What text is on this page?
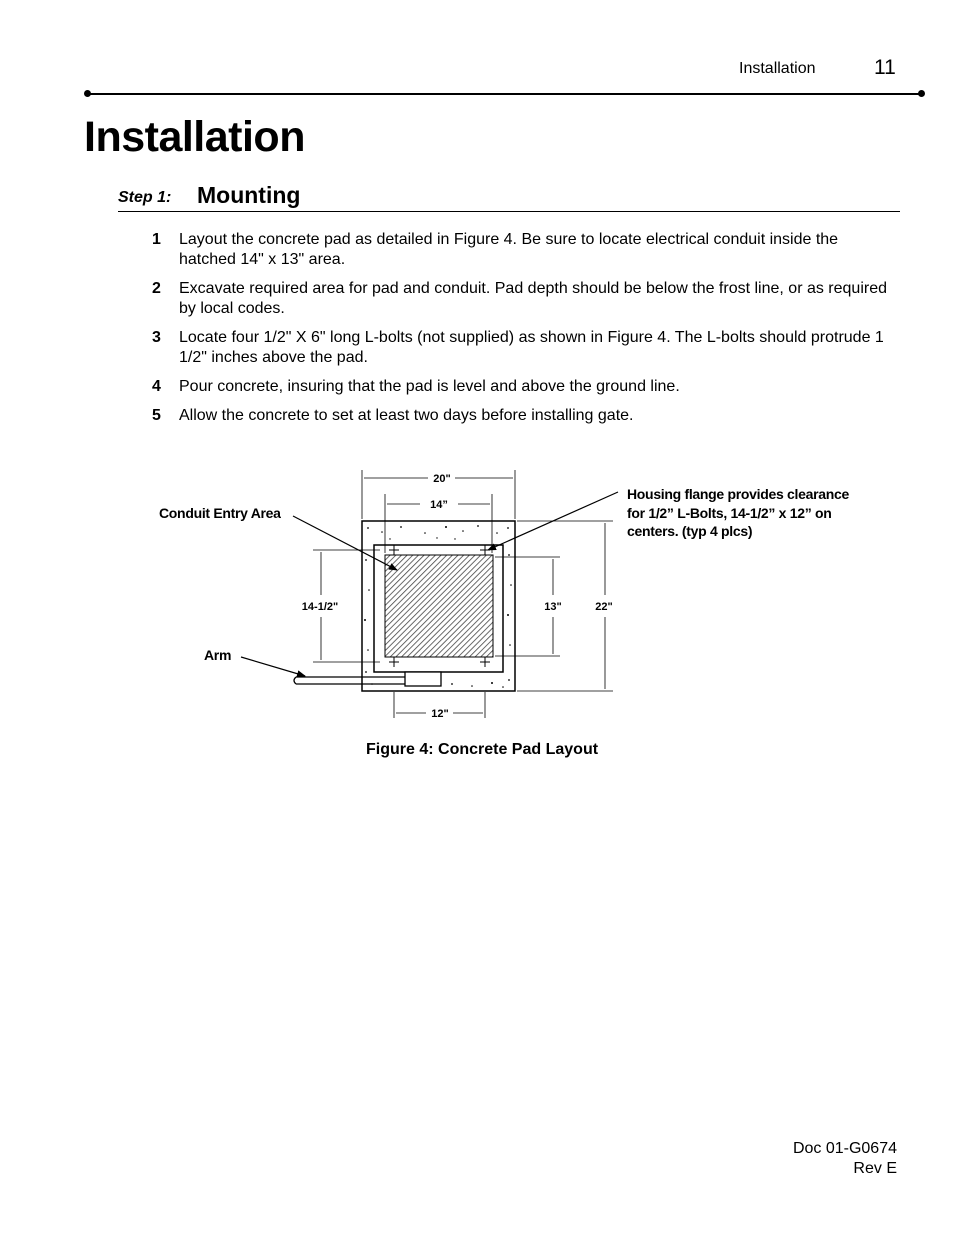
Installation	11
Installation
Step 1: Mounting
1 Layout the concrete pad as detailed in Figure 4. Be sure to locate electrical conduit inside the hatched 14" x 13" area.
2 Excavate required area for pad and conduit. Pad depth should be below the frost line, or as required by local codes.
3 Locate four 1/2" X 6" long L-bolts (not supplied) as shown in Figure 4. The L-bolts should protrude 1 1/2" inches above the pad.
4 Pour concrete, insuring that the pad is level and above the ground line.
5 Allow the concrete to set at least two days before installing gate.
20"
14”
14-1/2"	13"	22"
12"
Conduit Entry Area
Arm
Housing flange provides clearance
for 1/2” L-Bolts, 14-1/2” x 12” on
centers. (typ 4 plcs)
Figure 4: Concrete Pad Layout
Doc 01-G0674
Rev E
